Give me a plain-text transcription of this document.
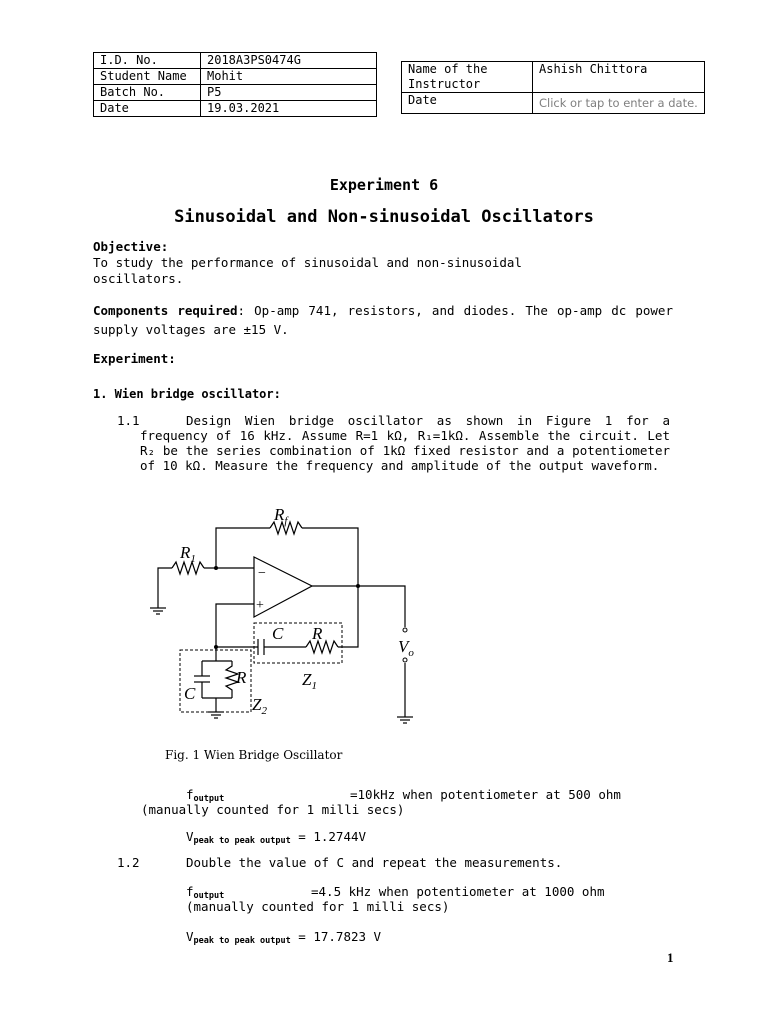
I.D. No.	2018A3PS0474G
Student Name	Mohit
Batch No.	P5
Date	19.03.2021
Name of the Instructor	Ashish Chittora
Date	Click or tap to enter a date.
Experiment 6
Sinusoidal and Non-sinusoidal Oscillators
Objective:
To study the performance of sinusoidal and non-sinusoidal oscillators.
Components required: Op-amp 741, resistors, and diodes. The op-amp dc power supply voltages are ±15 V.
Experiment:
1. Wien bridge oscillator:
1.1	Design Wien bridge oscillator as shown in Figure 1 for a frequency of 16 kHz. Assume R=1 kΩ, R₁=1kΩ. Assemble the circuit. Let R₂ be the series combination of 1kΩ fixed resistor and a potentiometer of 10 kΩ. Measure the frequency and amplitude of the output waveform.
$R_f$
$R_1$
−
+
C R
$V_o$
$Z_1$
C
R
$Z_2$
Fig. 1 Wien Bridge Oscillator
$f_{output}$	=10kHz when potentiometer at 500 ohm
(manually counted for 1 milli secs)
$V_{peak to peak output} = 1.2744V$
1.2	Double the value of C and repeat the measurements.
$f_{output}$	=4.5 kHz when potentiometer at 1000 ohm
(manually counted for 1 milli secs)
$V_{peak to peak output} = 17.7823$ V
1
